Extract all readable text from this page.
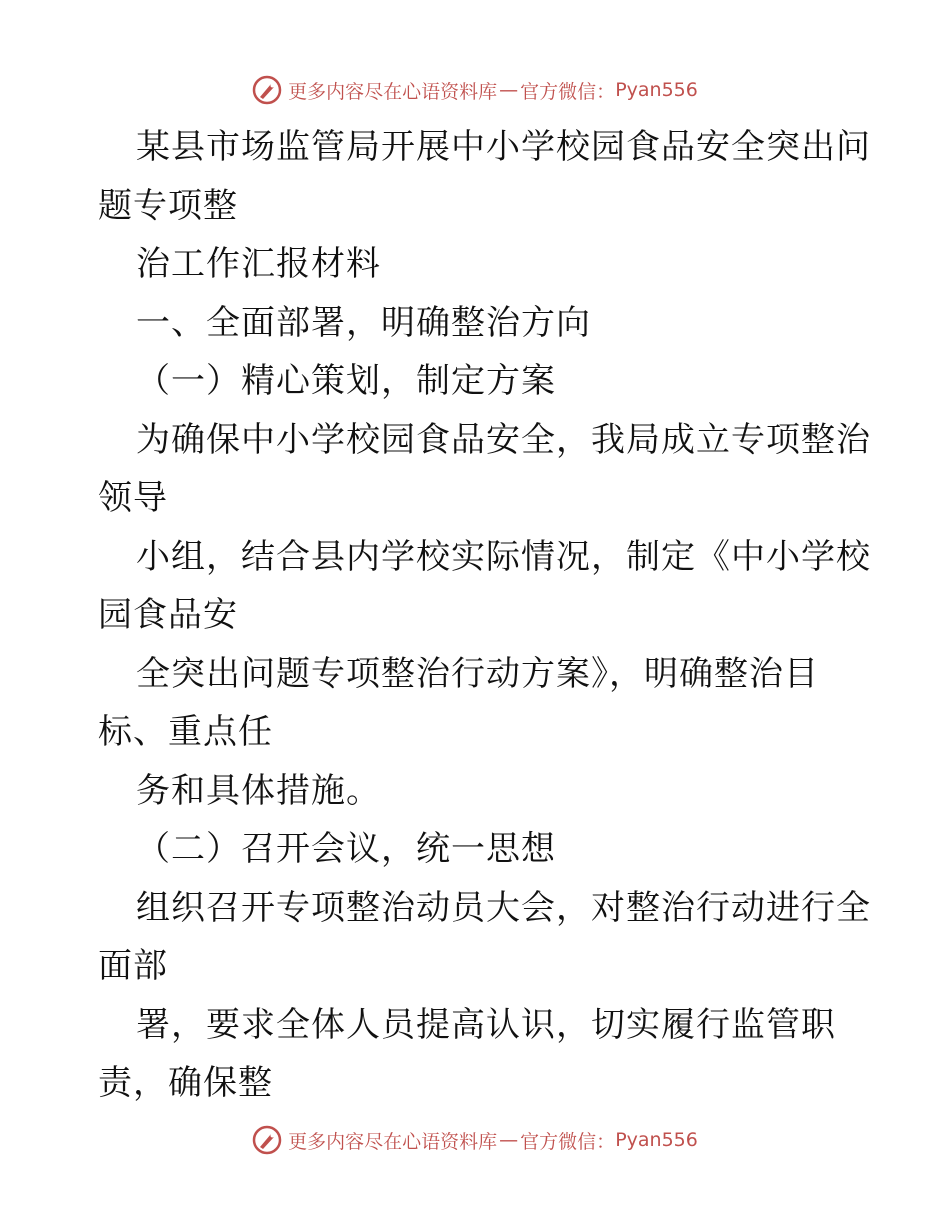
更多内容尽在心语资料库 — 官方微信： Pyan556
某县市场监管局开展中小学校园食品安全突出问
题专项整
治工作汇报材料
一、全面部署，明确整治方向
（一）精心策划，制定方案
为确保中小学校园食品安全，我局成立专项整治
领导
小组，结合县内学校实际情况，制定《中小学校
园食品安
全突出问题专项整治行动方案》，明确整治目
标、重点任
务和具体措施。
（二）召开会议，统一思想
组织召开专项整治动员大会，对整治行动进行全
面部
署，要求全体人员提高认识，切实履行监管职
责，确保整
更多内容尽在心语资料库 — 官方微信： Pyan556
